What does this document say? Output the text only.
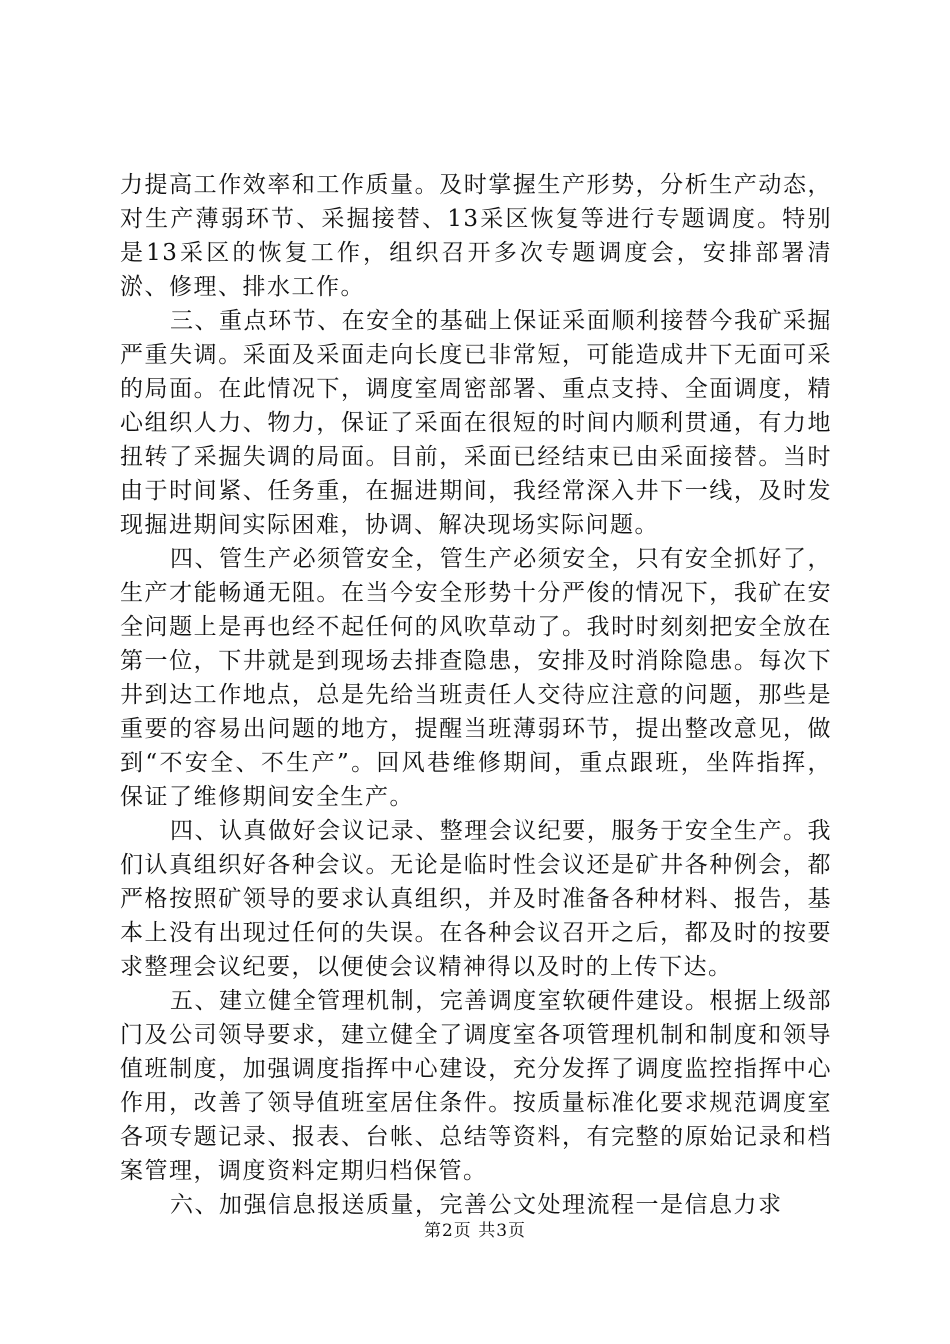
力提高工作效率和工作质量。及时掌握生产形势，分析生产动态，对生产薄弱环节、采掘接替、13采区恢复等进行专题调度。特别是13采区的恢复工作，组织召开多次专题调度会，安排部署清淤、修理、排水工作。

三、重点环节、在安全的基础上保证采面顺利接替今我矿采掘严重失调。采面及采面走向长度已非常短，可能造成井下无面可采的局面。在此情况下，调度室周密部署、重点支持、全面调度，精心组织人力、物力，保证了采面在很短的时间内顺利贯通，有力地扭转了采掘失调的局面。目前，采面已经结束已由采面接替。当时由于时间紧、任务重，在掘进期间，我经常深入井下一线，及时发现掘进期间实际困难，协调、解决现场实际问题。

四、管生产必须管安全，管生产必须安全，只有安全抓好了，生产才能畅通无阻。在当今安全形势十分严俊的情况下，我矿在安全问题上是再也经不起任何的风吹草动了。我时时刻刻把安全放在第一位，下井就是到现场去排查隐患，安排及时消除隐患。每次下井到达工作地点，总是先给当班责任人交待应注意的问题，那些是重要的容易出问题的地方，提醒当班薄弱环节，提出整改意见，做到“不安全、不生产”。回风巷维修期间，重点跟班，坐阵指挥，保证了维修期间安全生产。

四、认真做好会议记录、整理会议纪要，服务于安全生产。我们认真组织好各种会议。无论是临时性会议还是矿井各种例会，都严格按照矿领导的要求认真组织，并及时准备各种材料、报告，基本上没有出现过任何的失误。在各种会议召开之后，都及时的按要求整理会议纪要，以便使会议精神得以及时的上传下达。

五、建立健全管理机制，完善调度室软硬件建设。根据上级部门及公司领导要求，建立健全了调度室各项管理机制和制度和领导值班制度，加强调度指挥中心建设，充分发挥了调度监控指挥中心作用，改善了领导值班室居住条件。按质量标准化要求规范调度室各项专题记录、报表、台帐、总结等资料，有完整的原始记录和档案管理，调度资料定期归档保管。

六、加强信息报送质量，完善公文处理流程一是信息力求

第2页 共3页
